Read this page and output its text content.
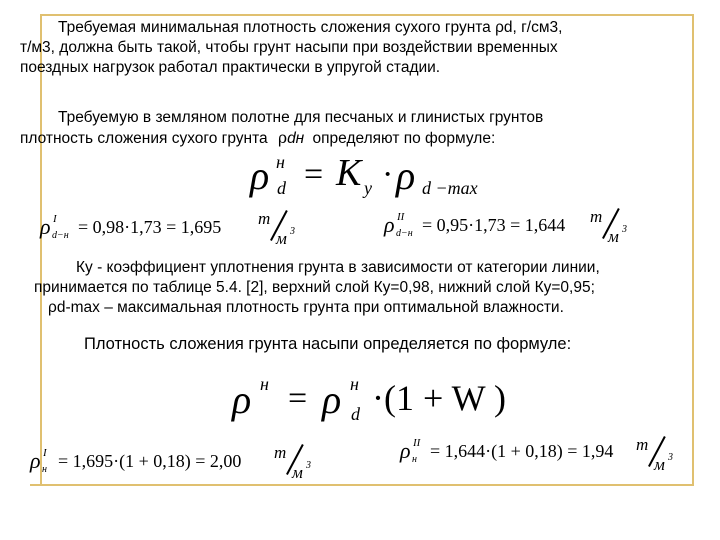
Требуемая минимальная плотность сложения сухого грунта ρd, г/см3,
т/м3, должна быть такой, чтобы грунт насыпи при воздействии временных
поездных нагрузок работал практически в упругой стадии.
Требуемую в земляном полотне для песчаных и глинистых грунтов
плотность сложения сухого грунта ρdн определяют по формуле:
ρ н
d = K y · ρ d −max
ρ I
d−н = 0,98·1,73 = 1,695 m
м 3	ρ II
d−н = 0,95·1,73 = 1,644 m
м 3
Ку - коэффициент уплотнения грунта в зависимости от категории линии,
принимается по таблице 5.4. [2], верхний слой Ку=0,98, нижний слой Ку=0,95;
ρd-max – максимальная плотность грунта при оптимальной влажности.
Плотность сложения грунта насыпи определяется по формуле:
ρ н = ρ н
d ·(1 + W )
ρ I
н = 1,695·(1 + 0,18) = 2,00 m
м 3
ρ II
н = 1,644·(1 + 0,18) = 1,94 m
м 3
